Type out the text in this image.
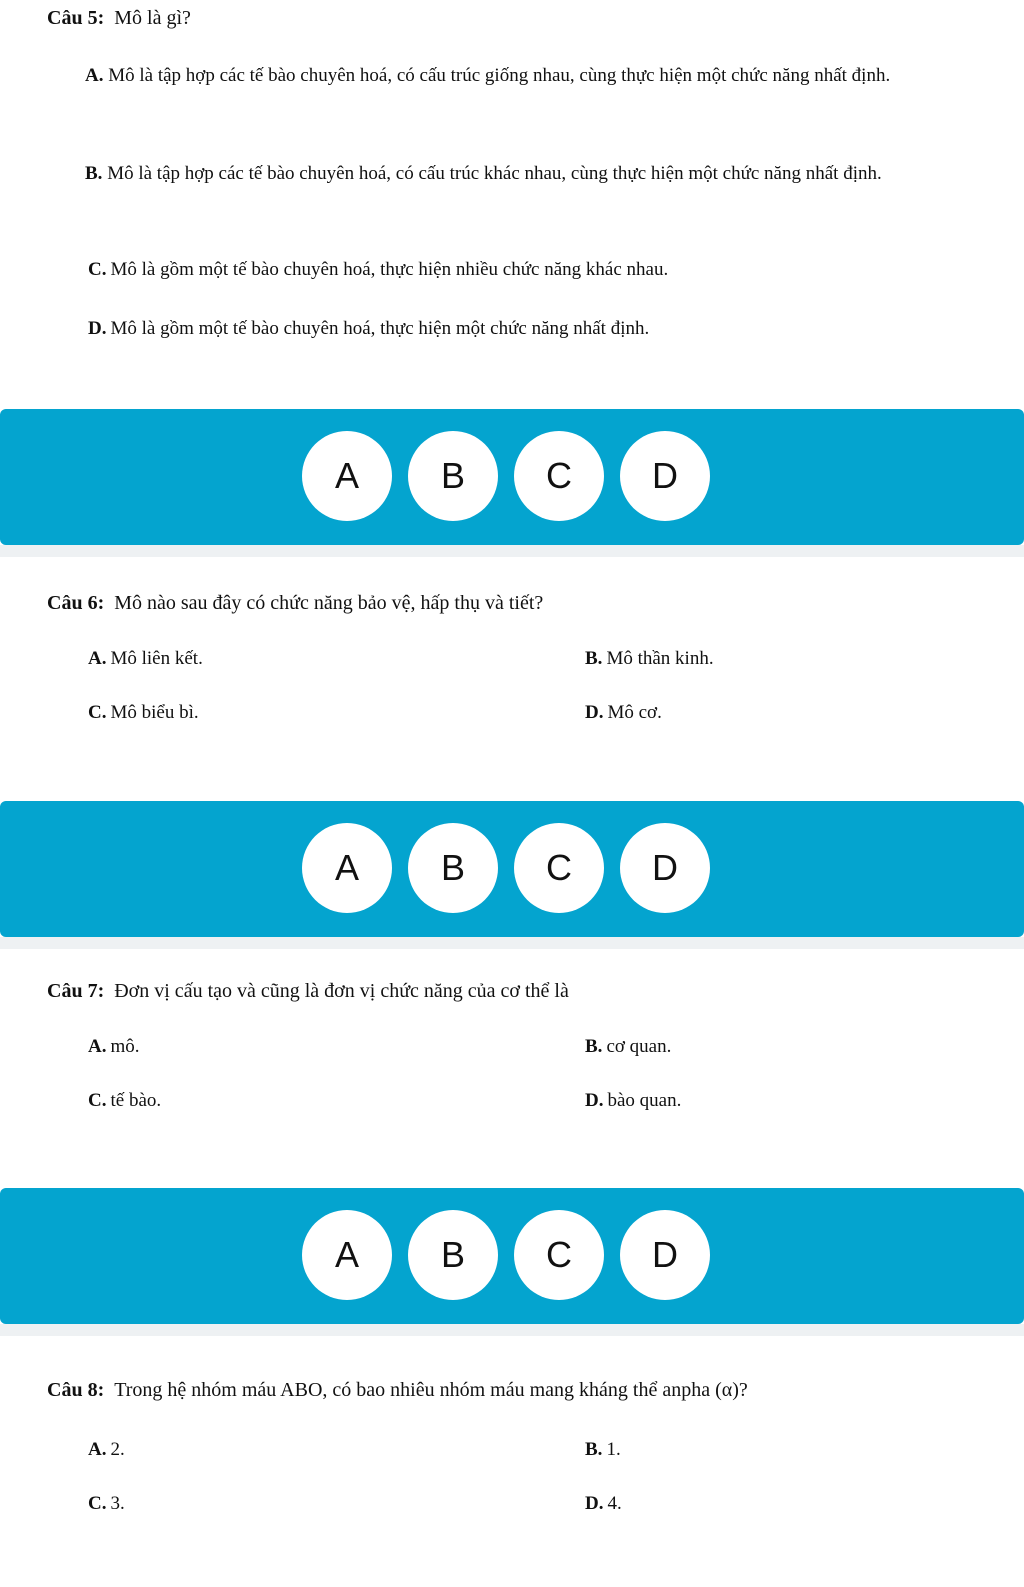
Câu 5: Mô là gì?
A. Mô là tập hợp các tế bào chuyên hoá, có cấu trúc giống nhau, cùng thực hiện một chức năng nhất định.
B. Mô là tập hợp các tế bào chuyên hoá, có cấu trúc khác nhau, cùng thực hiện một chức năng nhất định.
C. Mô là gồm một tế bào chuyên hoá, thực hiện nhiều chức năng khác nhau.
D. Mô là gồm một tế bào chuyên hoá, thực hiện một chức năng nhất định.
A	B	C	D
Câu 6: Mô nào sau đây có chức năng bảo vệ, hấp thụ và tiết?
A. Mô liên kết.	B. Mô thần kinh.
C. Mô biểu bì.	D. Mô cơ.
A	B	C	D
Câu 7: Đơn vị cấu tạo và cũng là đơn vị chức năng của cơ thể là
A. mô.	B. cơ quan.
C. tế bào.	D. bào quan.
A	B	C	D
Câu 8: Trong hệ nhóm máu ABO, có bao nhiêu nhóm máu mang kháng thể anpha (α)?
A. 2.	B. 1.
C. 3.	D. 4.
